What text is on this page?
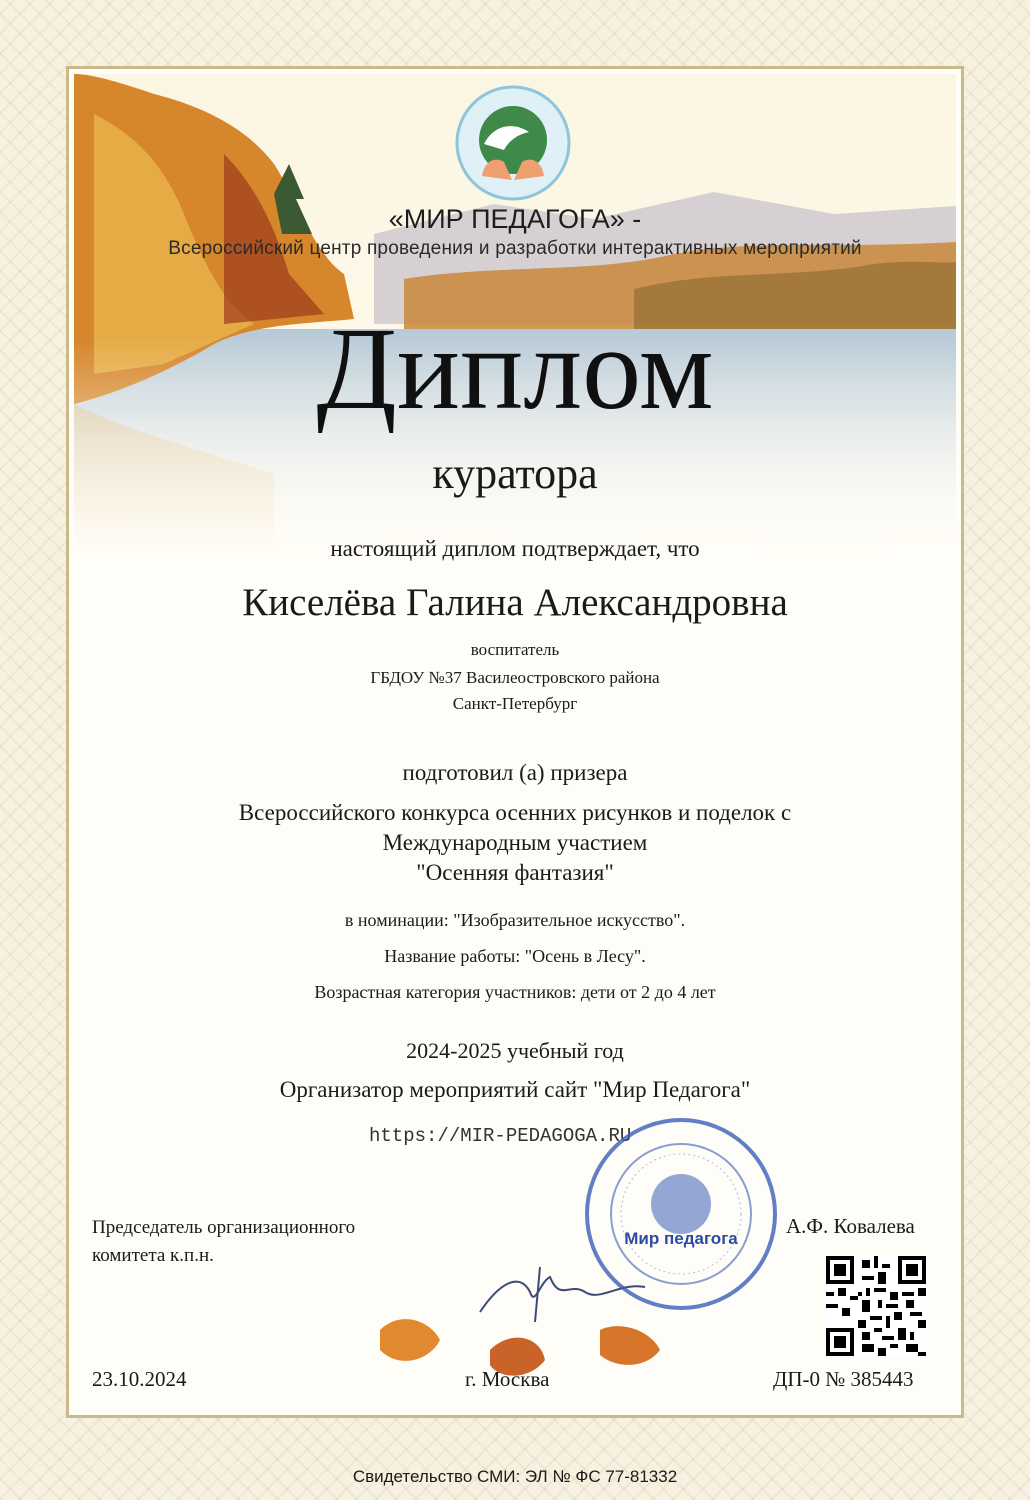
«МИР ПЕДАГОГА» -
Всероссийский центр проведения и разработки интерактивных мероприятий
Диплом
куратора
настоящий диплом подтверждает, что
Киселёва Галина Александровна
воспитатель
ГБДОУ №37 Василеостровского района
Санкт-Петербург
подготовил (а) призера
Всероссийского конкурса осенних рисунков и поделок с
Международным участием
"Осенняя фантазия"
в номинации: "Изобразительное искусство".
Название работы: "Осень в Лесу".
Возрастная категория участников: дети от 2 до 4 лет
2024-2025 учебный год
Организатор мероприятий сайт "Мир Педагога"
https://MIR-PEDAGOGA.RU
Председатель организационного
комитета к.п.н.
Мир педагога
А.Ф. Ковалева
23.10.2024	г. Москва	ДП-0 № 385443
Свидетельство СМИ: ЭЛ № ФС 77-81332
